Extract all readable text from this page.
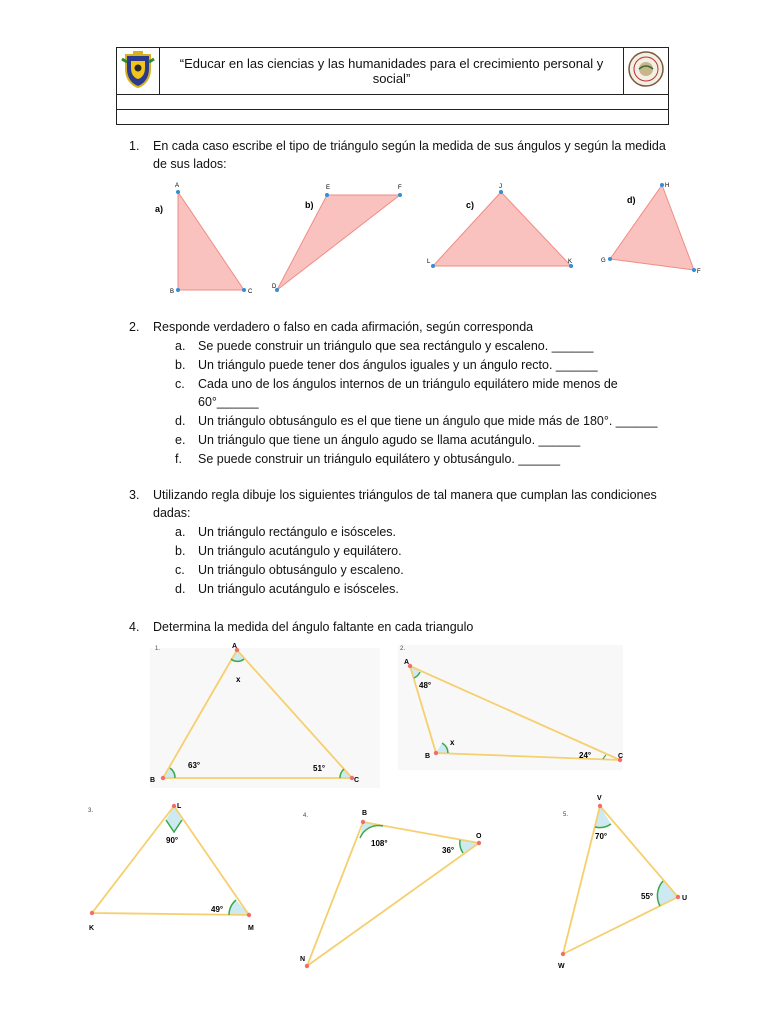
	“Educar en las ciencias y las humanidades para el crecimiento personal y social”	

1. En cada caso escribe el tipo de triángulo según la medida de sus ángulos y según la medida
de sus lados:
a)
A
B	C
b)
E	F
D
c)
J
L	K
d)
H
G
F
2. Responde verdadero o falso en cada afirmación, según corresponda
a. Se puede construir un triángulo que sea rectángulo y escaleno. ______
b. Un triángulo puede tener dos ángulos iguales y un ángulo recto. ______
c. Cada uno de los ángulos internos de un triángulo equilátero mide menos de
60°______
d. Un triángulo obtusángulo es el que tiene un ángulo que mide más de 180°. ______
e. Un triángulo que tiene un ángulo agudo se llama acutángulo. ______
f. Se puede construir un triángulo equilátero y obtusángulo. ______
3. Utilizando regla dibuje los siguientes triángulos de tal manera que cumplan las condiciones
dadas:
a. Un triángulo rectángulo e isósceles.
b. Un triángulo acutángulo y equilátero.
c. Un triángulo obtusángulo y escaleno.
d. Un triángulo acutángulo e isósceles.
4. Determina la medida del ángulo faltante en cada triangulo
1.	A
B	C
x
63°	51°
2.
A
B	C
48°
x
24°
3.
L
K	M
90°
49°
4.	B
O
N
108°
36°
5.
V
U
W
70°
55°
